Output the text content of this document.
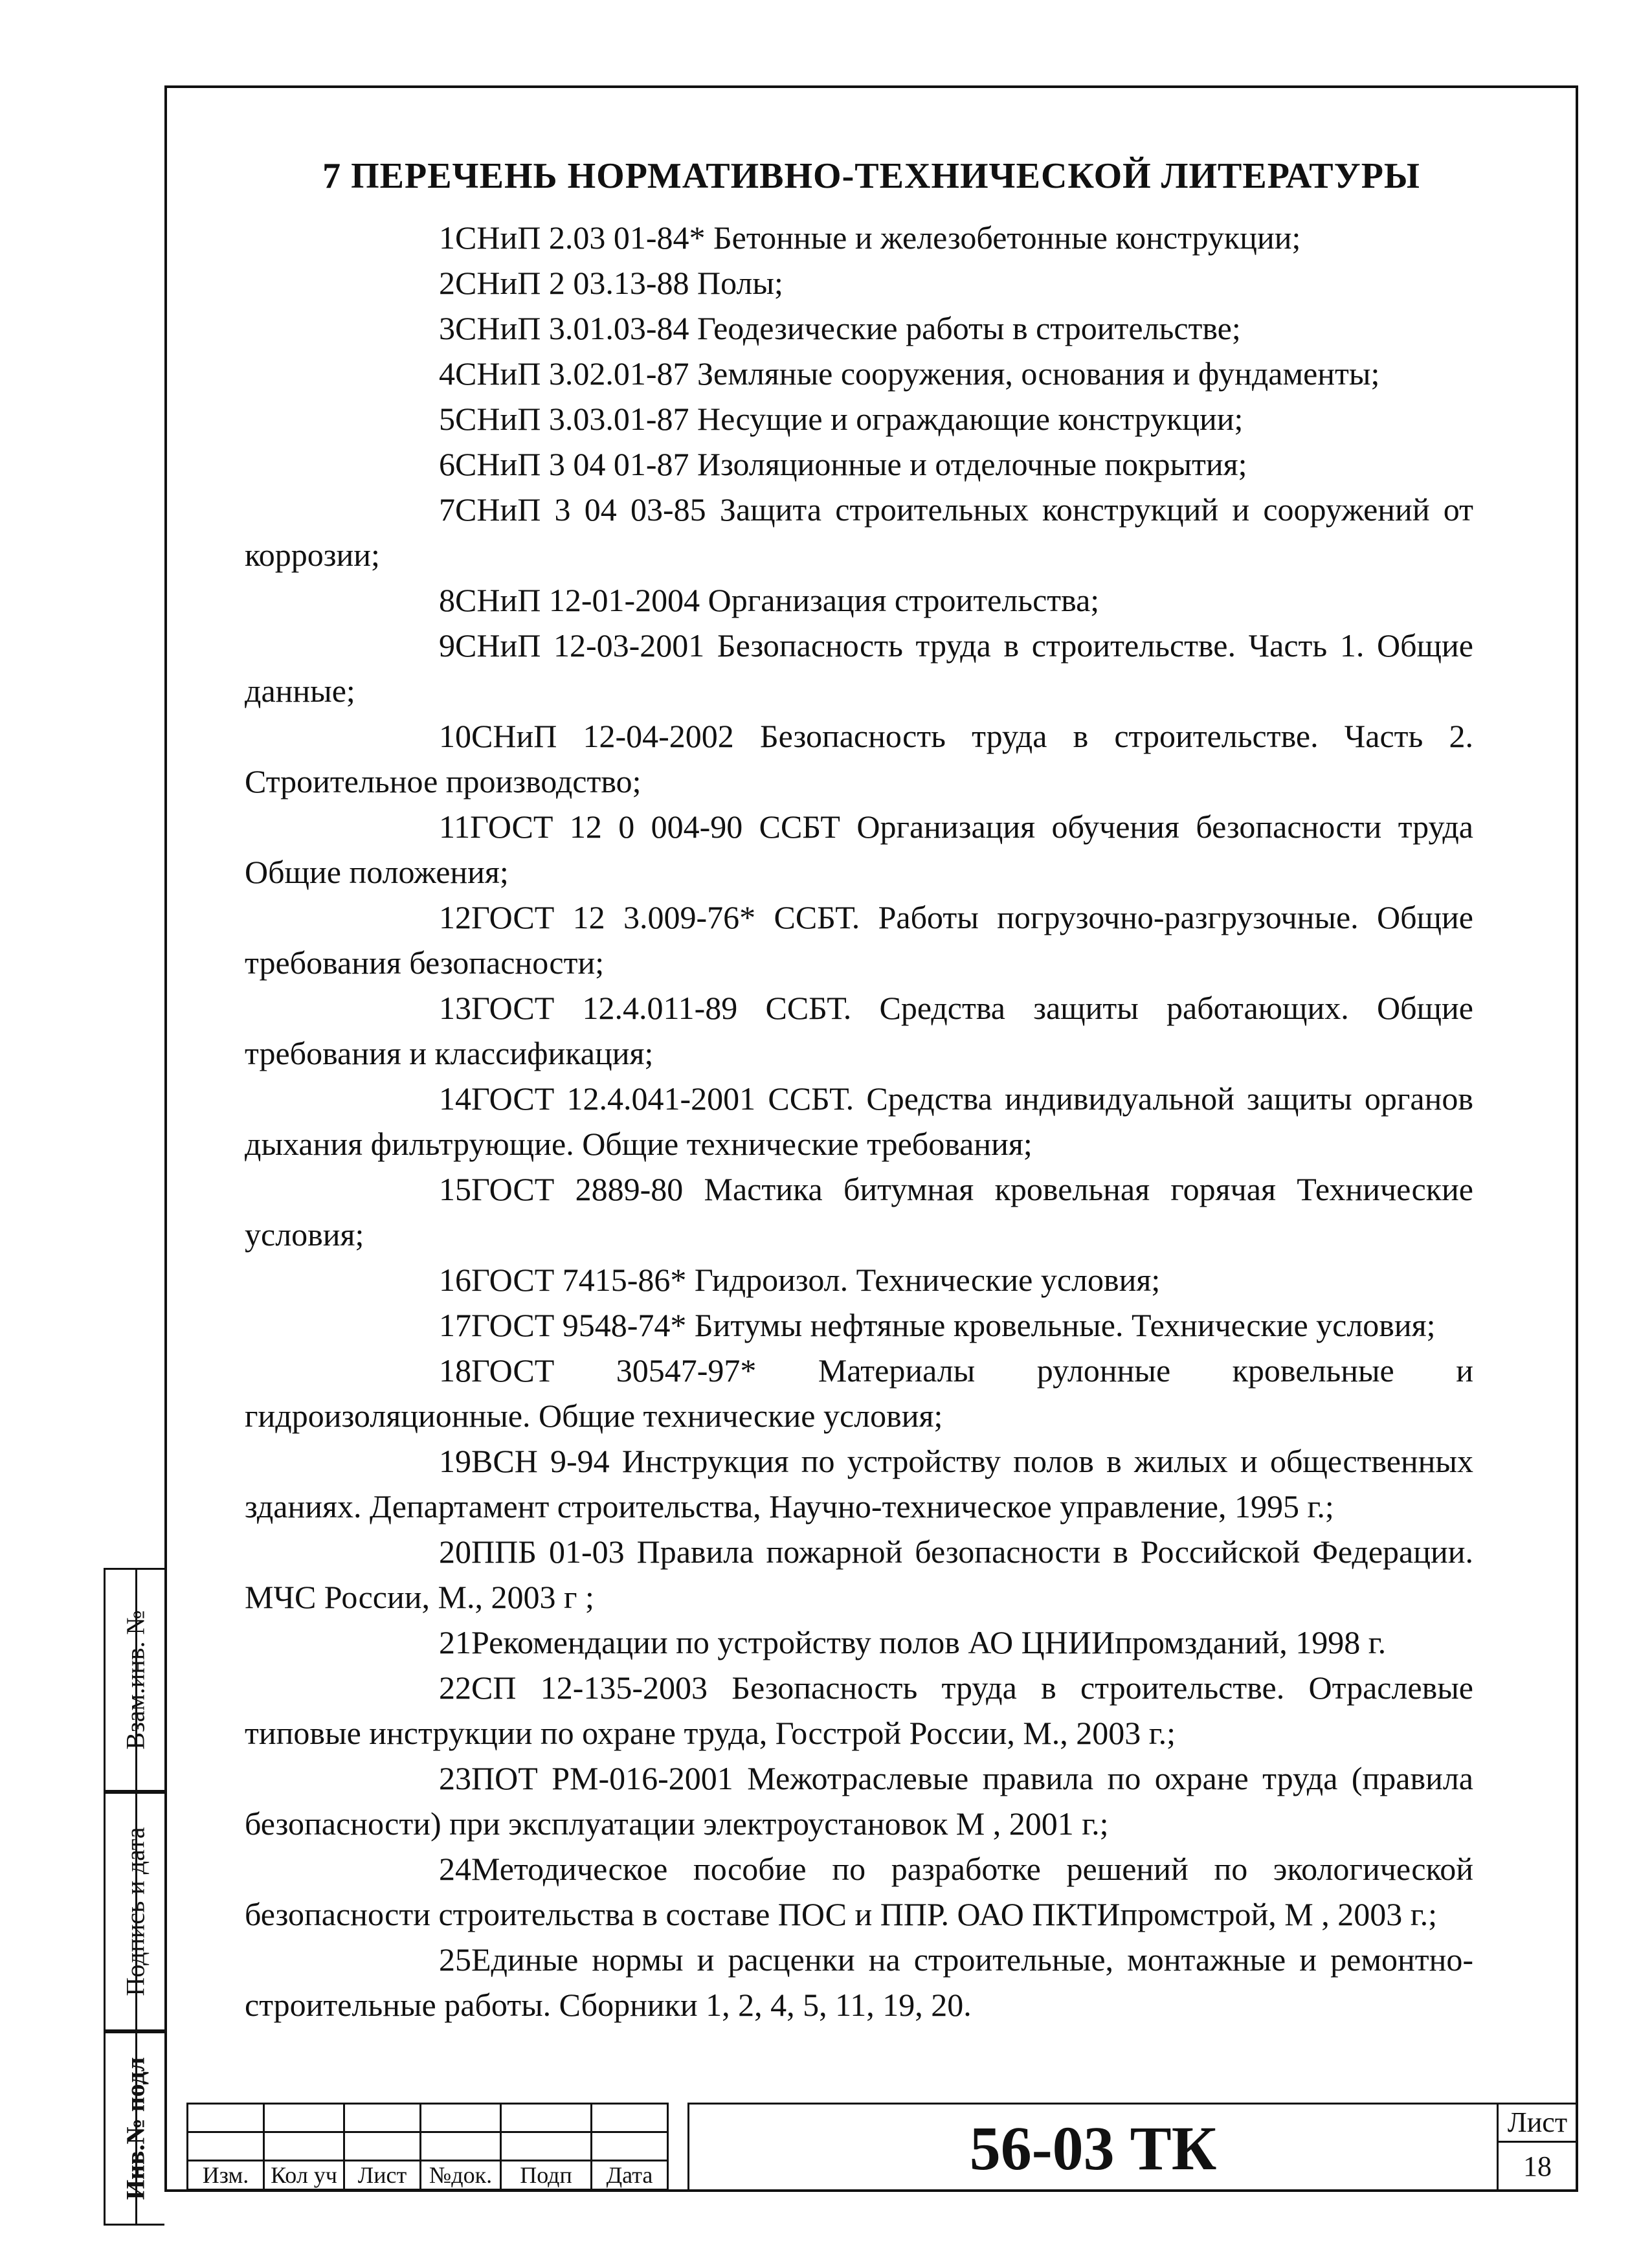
7 ПЕРЕЧЕНЬ НОРМАТИВНО-ТЕХНИЧЕСКОЙ ЛИТЕРАТУРЫ
1СНиП 2.03 01-84* Бетонные и железобетонные конструкции;
2СНиП 2 03.13-88 Полы;
3СНиП 3.01.03-84 Геодезические работы в строительстве;
4СНиП 3.02.01-87 Земляные сооружения, основания и фундаменты;
5СНиП 3.03.01-87 Несущие и ограждающие конструкции;
6СНиП 3 04 01-87 Изоляционные и отделочные покрытия;
7СНиП 3 04 03-85 Защита строительных конструкций и сооружений от коррозии;
8СНиП 12-01-2004 Организация строительства;
9СНиП 12-03-2001 Безопасность труда в строительстве. Часть 1. Общие данные;
10СНиП 12-04-2002 Безопасность труда в строительстве. Часть 2. Строительное производство;
11ГОСТ 12 0 004-90 ССБТ Организация обучения безопасности труда Общие положения;
12ГОСТ 12 3.009-76* ССБТ. Работы погрузочно-разгрузочные. Общие требования безопасности;
13ГОСТ 12.4.011-89 ССБТ. Средства защиты работающих. Общие требования и классификация;
14ГОСТ 12.4.041-2001 ССБТ. Средства индивидуальной защиты органов дыхания фильтрующие. Общие технические требования;
15ГОСТ 2889-80 Мастика битумная кровельная горячая Технические условия;
16ГОСТ 7415-86* Гидроизол. Технические условия;
17ГОСТ 9548-74* Битумы нефтяные кровельные. Технические условия;
18ГОСТ 30547-97* Материалы рулонные кровельные и гидроизоляционные. Общие технические условия;
19ВСН 9-94 Инструкция по устройству полов в жилых и общественных зданиях. Департамент строительства, Научно-техническое управление, 1995 г.;
20ППБ 01-03 Правила пожарной безопасности в Российской Федерации. МЧС России, М., 2003 г ;
21Рекомендации по устройству полов АО ЦНИИпромзданий, 1998 г.
22СП 12-135-2003 Безопасность труда в строительстве. Отраслевые типовые инструкции по охране труда, Госстрой России, М., 2003 г.;
23ПОТ РМ-016-2001 Межотраслевые правила по охране труда (правила безопасности) при эксплуатации электроустановок М , 2001 г.;
24Методическое пособие по разработке решений по экологической безопасности строительства в составе ПОС и ППР. ОАО ПКТИпромстрой, М , 2003 г.;
25Единые нормы и расценки на строительные, монтажные и ремонтно-строительные работы. Сборники 1, 2, 4, 5, 11, 19, 20.
Взам.инв. №
Подпись и дата
Инв.№ подл

					Изм.	Кол уч	Лист	№док.	Подп	Дата	56-03 ТК	Лист
18
